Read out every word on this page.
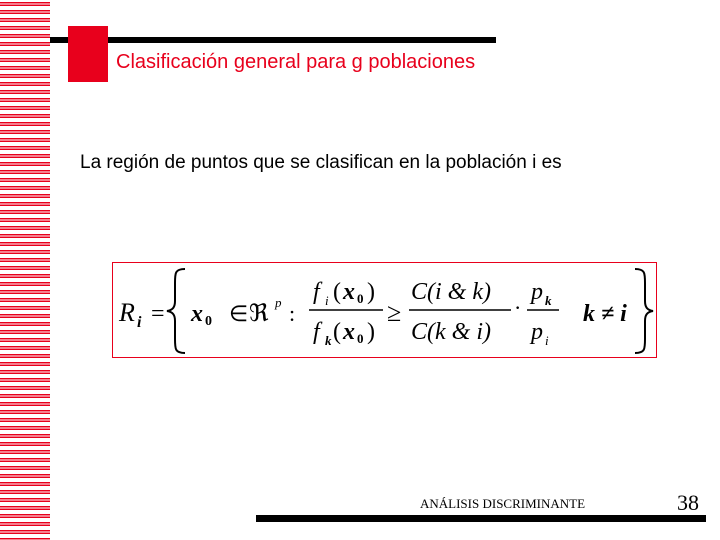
Clasificación general para g poblaciones
La región de puntos que se clasifican en la población i es
R i = x 0 ∈ ℜ p :
f i ( x 0 )
f k ( x 0 )
≥
C(i & k)
C(k & i)
·
p k
p i
k ≠ i
ANÁLISIS DISCRIMINANTE	38
